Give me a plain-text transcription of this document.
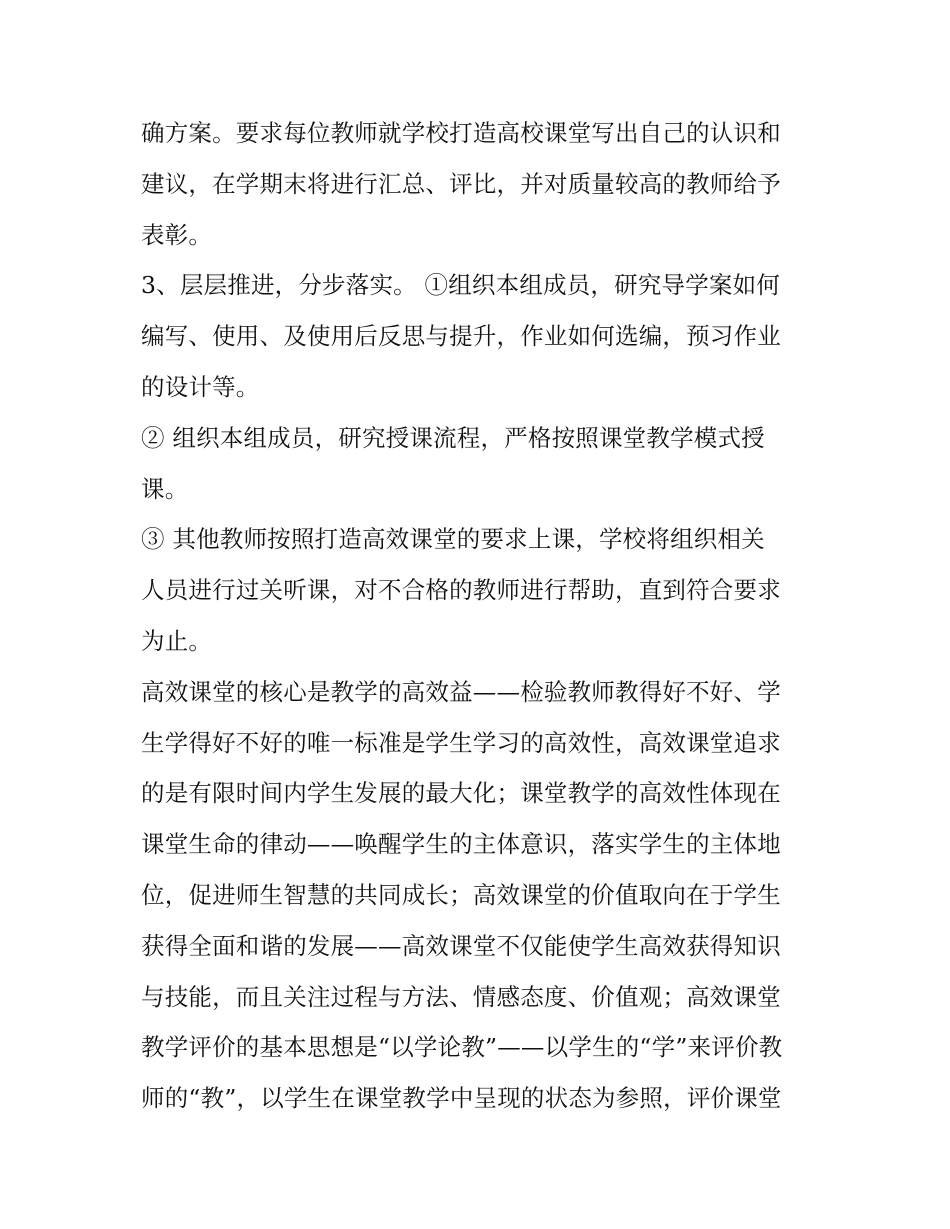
确方案。要求每位教师就学校打造高校课堂写出自己的认识和
建议，在学期末将进行汇总、评比，并对质量较高的教师给予
表彰。
3、层层推进，分步落实。 ①组织本组成员，研究导学案如何
编写、使用、及使用后反思与提升，作业如何选编，预习作业
的设计等。
② 组织本组成员，研究授课流程，严格按照课堂教学模式授
课。
③ 其他教师按照打造高效课堂的要求上课，学校将组织相关
人员进行过关听课，对不合格的教师进行帮助，直到符合要求
为止。
高效课堂的核心是教学的高效益——检验教师教得好不好、学
生学得好不好的唯一标准是学生学习的高效性，高效课堂追求
的是有限时间内学生发展的最大化；课堂教学的高效性体现在
课堂生命的律动——唤醒学生的主体意识，落实学生的主体地
位，促进师生智慧的共同成长；高效课堂的价值取向在于学生
获得全面和谐的发展——高效课堂不仅能使学生高效获得知识
与技能，而且关注过程与方法、情感态度、价值观；高效课堂
教学评价的基本思想是“以学论教”——以学生的“学”来评价教
师的“教”，以学生在课堂教学中呈现的状态为参照，评价课堂
